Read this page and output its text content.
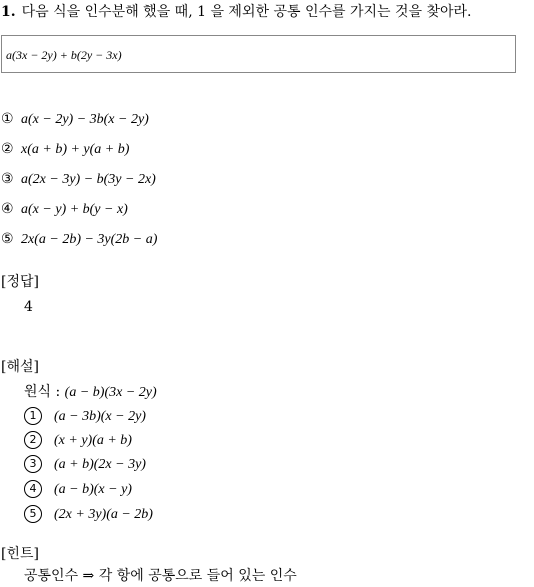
1. 다음 식을 인수분해 했을 때, 1 을 제외한 공통 인수를 가지는 것을 찾아라.
a(3x − 2y) + b(2y − 3x)
① a(x − 2y) − 3b(x − 2y)
② x(a + b) + y(a + b)
③ a(2x − 3y) − b(3y − 2x)
④ a(x − y) + b(y − x)
⑤ 2x(a − 2b) − 3y(2b − a)
[정답]
4
[해설]
원식 : (a − b)(3x − 2y)
1 (a − 3b)(x − 2y)
2 (x + y)(a + b)
3 (a + b)(2x − 3y)
4 (a − b)(x − y)
5 (2x + 3y)(a − 2b)
[힌트]
공통인수 ⇒ 각 항에 공통으로 들어 있는 인수
